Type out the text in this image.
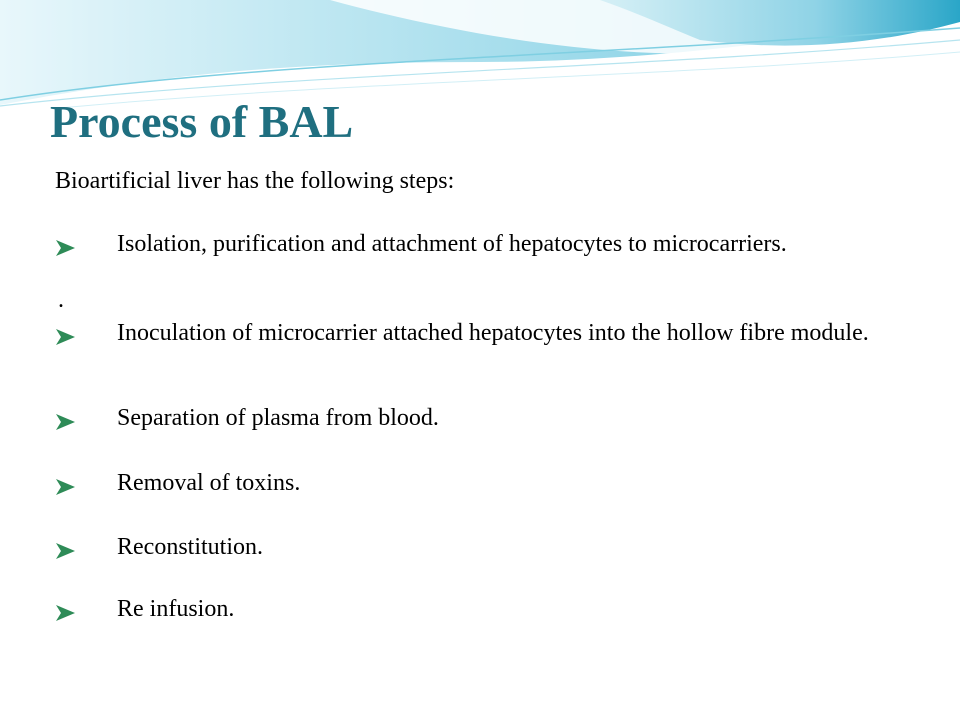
Process of BAL

Bioartificial liver has the following steps:

Isolation, purification and attachment of hepatocytes to microcarriers.

.

Inoculation of microcarrier attached hepatocytes into the hollow fibre module.

Separation of plasma from blood.

Removal of toxins.

Reconstitution.

Re infusion.
